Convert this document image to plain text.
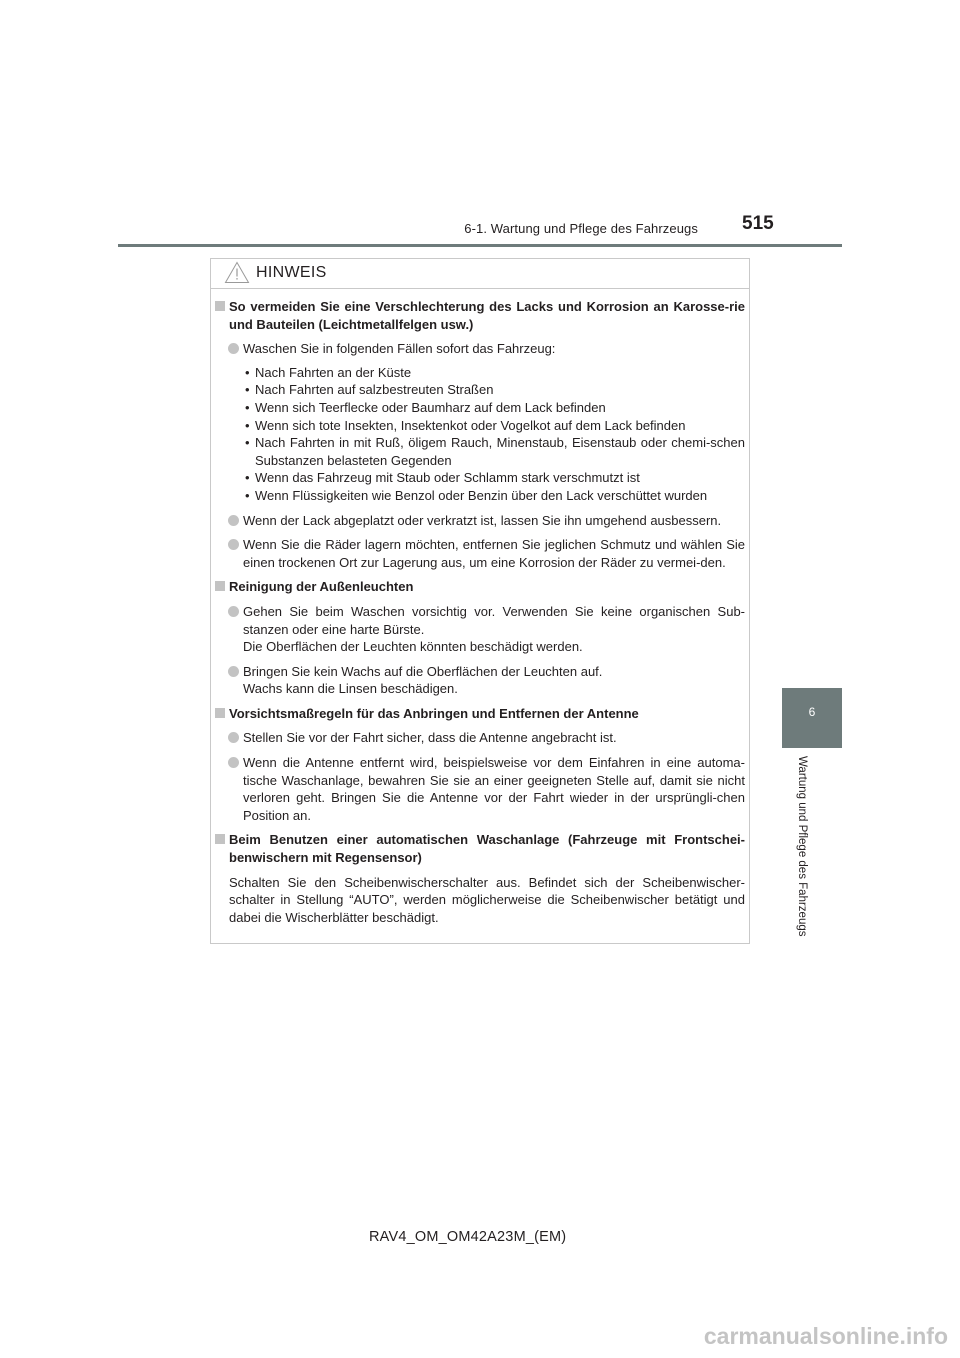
6-1. Wartung und Pflege des Fahrzeugs 515
6
Wartung und Pflege des Fahrzeugs
HINWEIS
So vermeiden Sie eine Verschlechterung des Lacks und Korrosion an Karosse-rie und Bauteilen (Leichtmetallfelgen usw.)
Waschen Sie in folgenden Fällen sofort das Fahrzeug:
• Nach Fahrten an der Küste
• Nach Fahrten auf salzbestreuten Straßen
• Wenn sich Teerflecke oder Baumharz auf dem Lack befinden
• Wenn sich tote Insekten, Insektenkot oder Vogelkot auf dem Lack befinden
• Nach Fahrten in mit Ruß, öligem Rauch, Minenstaub, Eisenstaub oder chemi-schen Substanzen belasteten Gegenden
• Wenn das Fahrzeug mit Staub oder Schlamm stark verschmutzt ist
• Wenn Flüssigkeiten wie Benzol oder Benzin über den Lack verschüttet wurden
Wenn der Lack abgeplatzt oder verkratzt ist, lassen Sie ihn umgehend ausbessern.
Wenn Sie die Räder lagern möchten, entfernen Sie jeglichen Schmutz und wählen Sie einen trockenen Ort zur Lagerung aus, um eine Korrosion der Räder zu vermei-den.
Reinigung der Außenleuchten
Gehen Sie beim Waschen vorsichtig vor. Verwenden Sie keine organischen Sub-stanzen oder eine harte Bürste.
Die Oberflächen der Leuchten könnten beschädigt werden.
Bringen Sie kein Wachs auf die Oberflächen der Leuchten auf.
Wachs kann die Linsen beschädigen.
Vorsichtsmaßregeln für das Anbringen und Entfernen der Antenne
Stellen Sie vor der Fahrt sicher, dass die Antenne angebracht ist.
Wenn die Antenne entfernt wird, beispielsweise vor dem Einfahren in eine automa-tische Waschanlage, bewahren Sie sie an einer geeigneten Stelle auf, damit sie nicht verloren geht. Bringen Sie die Antenne vor der Fahrt wieder in der ursprüngli-chen Position an.
Beim Benutzen einer automatischen Waschanlage (Fahrzeuge mit Frontschei-benwischern mit Regensensor)
Schalten Sie den Scheibenwischerschalter aus. Befindet sich der Scheibenwischer-schalter in Stellung “AUTO”, werden möglicherweise die Scheibenwischer betätigt und dabei die Wischerblätter beschädigt.
RAV4_OM_OM42A23M_(EM)
carmanualsonline.info
